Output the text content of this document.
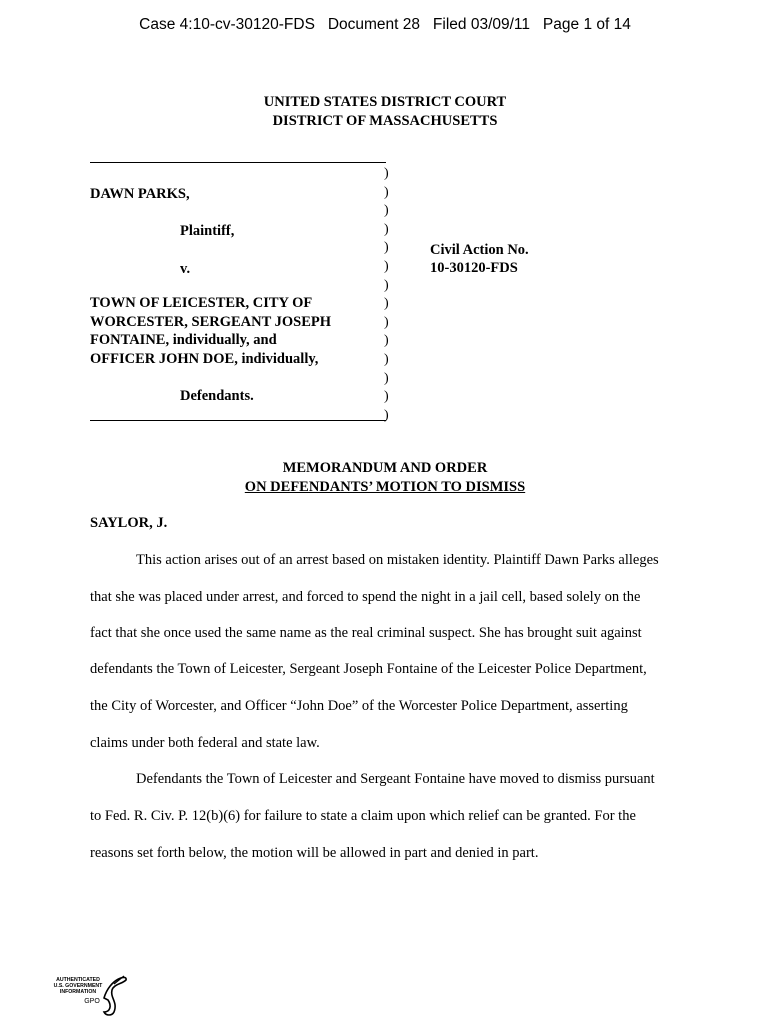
Case 4:10-cv-30120-FDS   Document 28   Filed 03/09/11   Page 1 of 14
UNITED STATES DISTRICT COURT
DISTRICT OF MASSACHUSETTS
)
)
)
)
)
)
)
)
)
)
)
)
)
)
DAWN PARKS,
Plaintiff,
v.
TOWN OF LEICESTER, CITY OF
WORCESTER, SERGEANT JOSEPH
FONTAINE, individually, and
OFFICER JOHN DOE, individually,
Defendants.
Civil Action No.
10-30120-FDS
MEMORANDUM AND ORDER
ON DEFENDANTS’ MOTION TO DISMISS
SAYLOR, J.
This action arises out of an arrest based on mistaken identity. Plaintiff Dawn Parks alleges
that she was placed under arrest, and forced to spend the night in a jail cell, based solely on the
fact that she once used the same name as the real criminal suspect. She has brought suit against
defendants the Town of Leicester, Sergeant Joseph Fontaine of the Leicester Police Department,
the City of Worcester, and Officer “John Doe” of the Worcester Police Department, asserting
claims under both federal and state law.
Defendants the Town of Leicester and Sergeant Fontaine have moved to dismiss pursuant
to Fed. R. Civ. P. 12(b)(6) for failure to state a claim upon which relief can be granted. For the
reasons set forth below, the motion will be allowed in part and denied in part.
AUTHENTICATED
U.S. GOVERNMENT
INFORMATION
GPO
